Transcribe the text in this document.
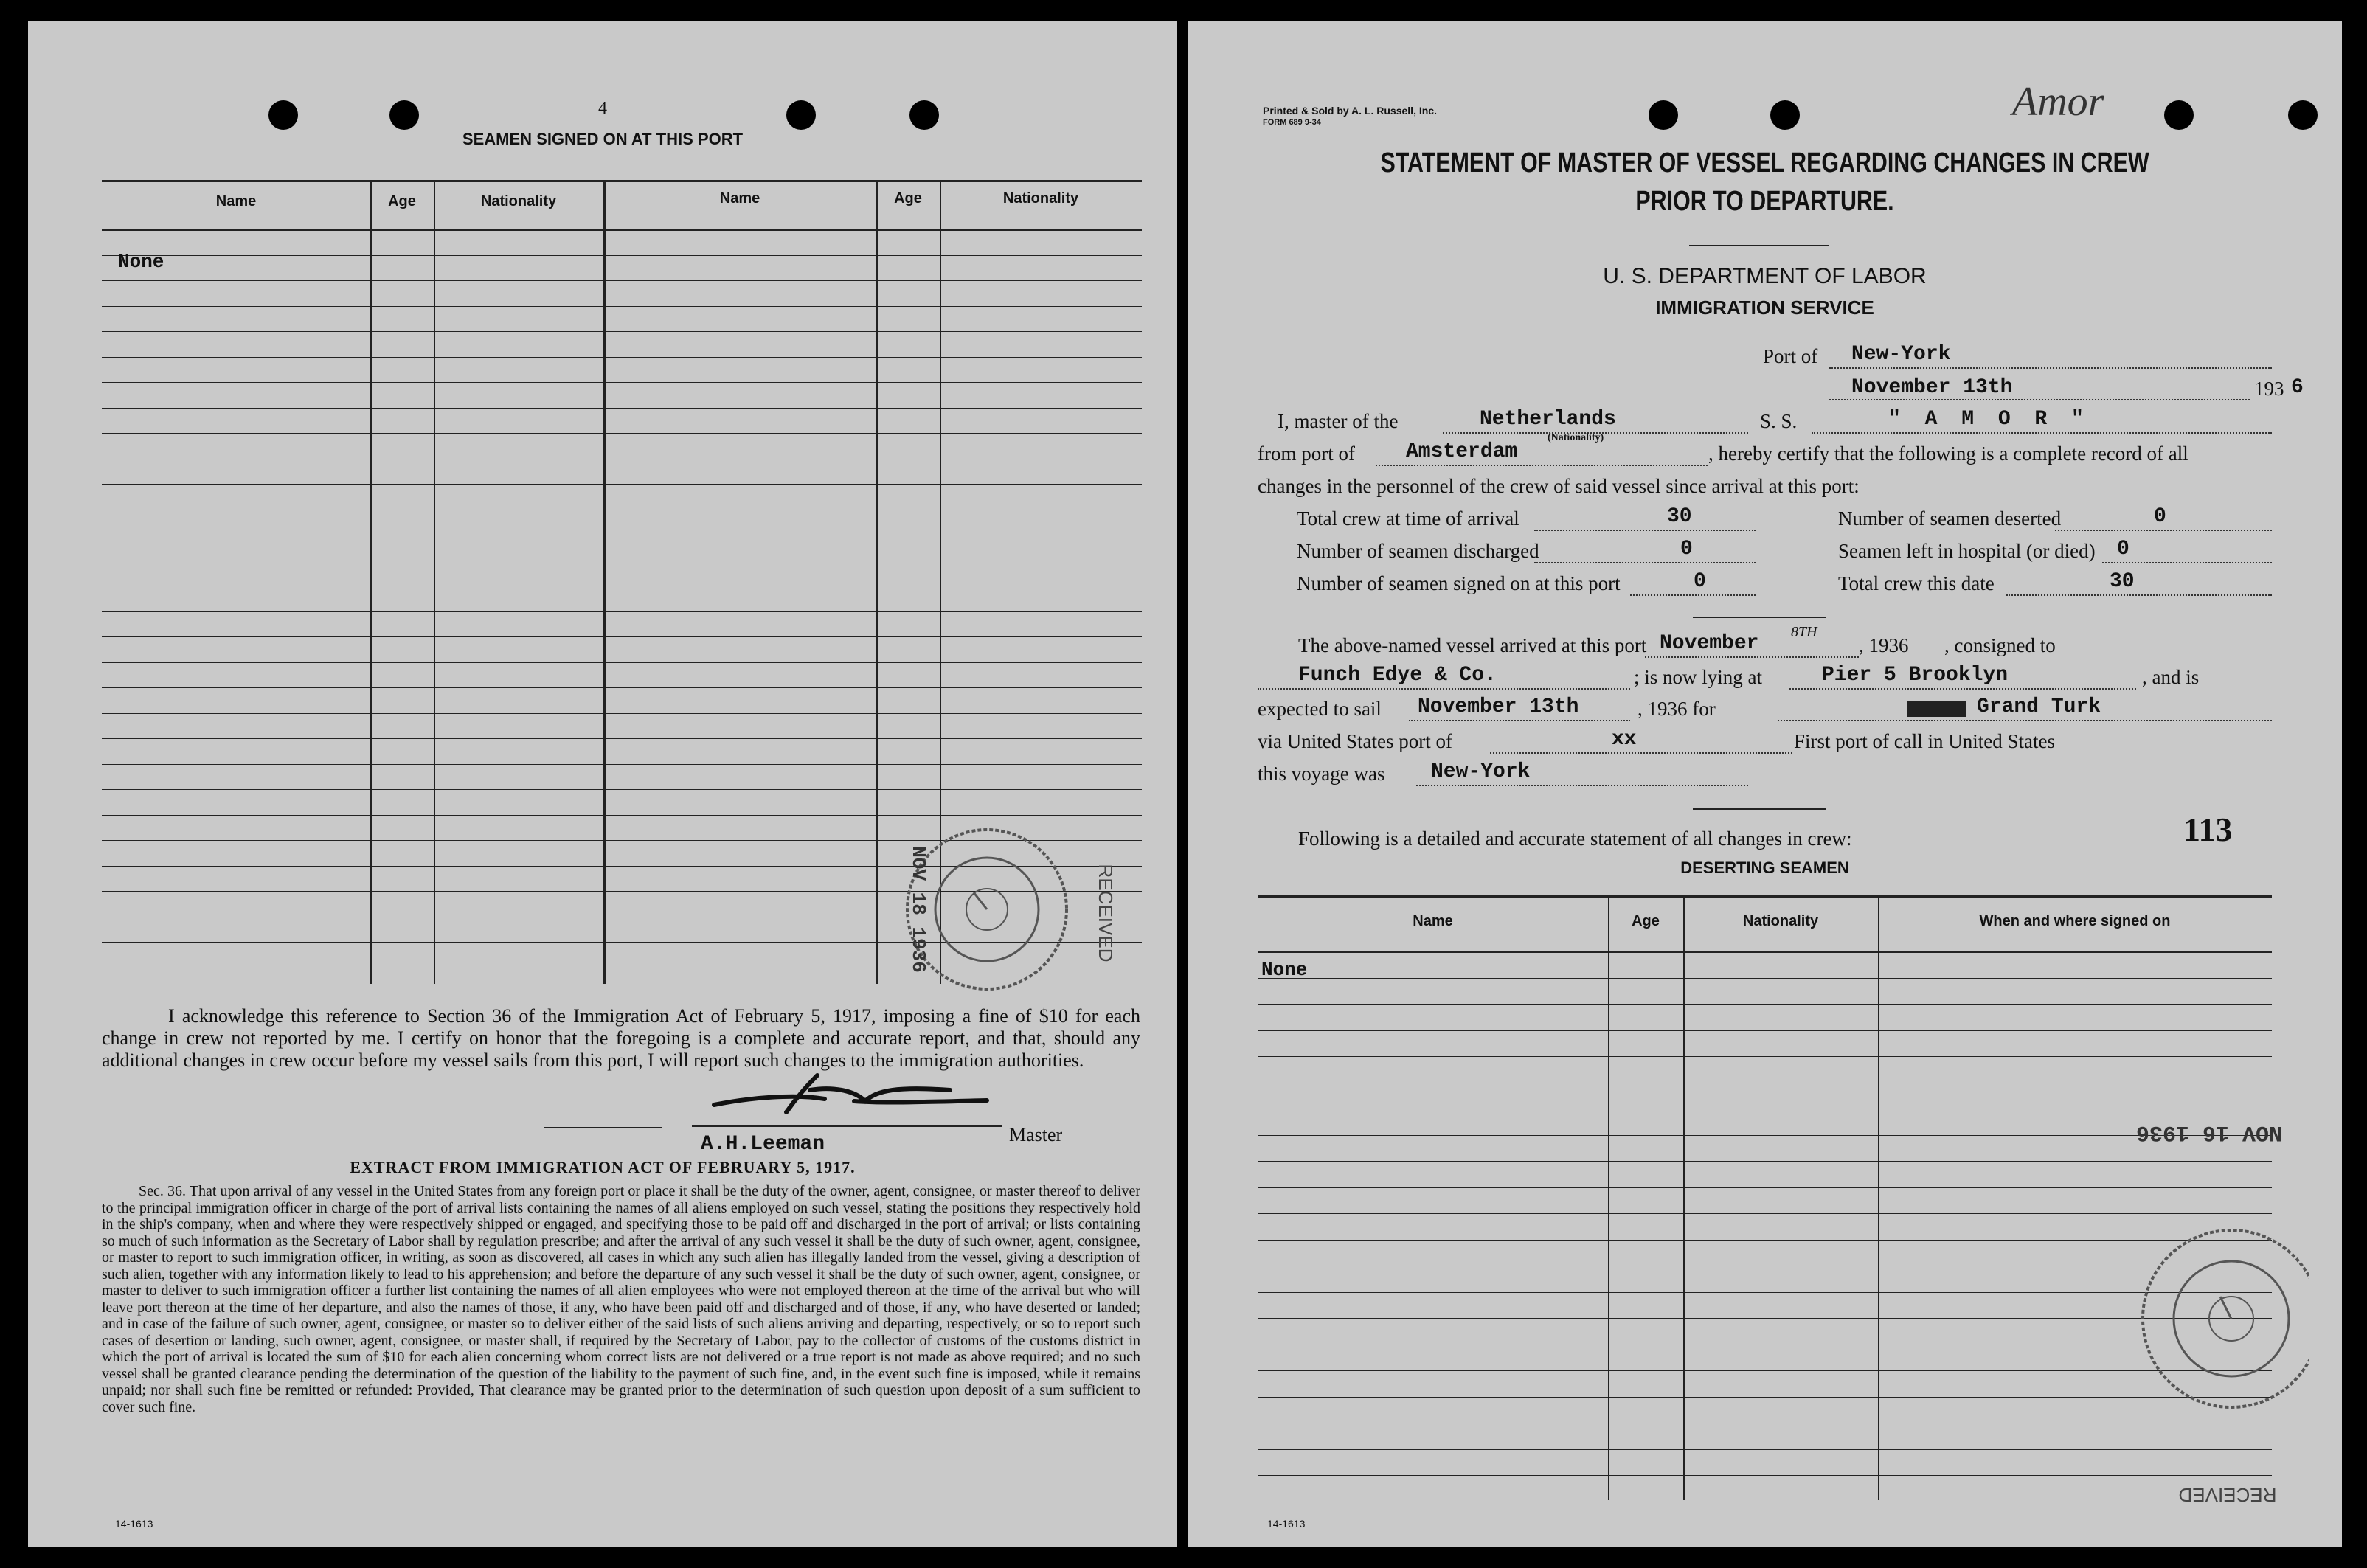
4
SEAMEN SIGNED ON AT THIS PORT
Name	Age	Nationality	Name	Age	Nationality
None
RECEIVED
NOV 18 1936
I acknowledge this reference to Section 36 of the Immigration Act of February 5, 1917, imposing a fine of $10 for each change in crew not reported by me. I certify on honor that the foregoing is a complete and accurate report, and that, should any additional changes in crew occur before my vessel sails from this port, I will report such changes to the immigration authorities.
A.H.Leeman	Master
EXTRACT FROM IMMIGRATION ACT OF FEBRUARY 5, 1917.
Sec. 36. That upon arrival of any vessel in the United States from any foreign port or place it shall be the duty of the owner, agent, consignee, or master thereof to deliver to the principal immigration officer in charge of the port of arrival lists containing the names of all aliens employed on such vessel, stating the positions they respectively hold in the ship's company, when and where they were respectively shipped or engaged, and specifying those to be paid off and discharged in the port of arrival; or lists containing so much of such information as the Secretary of Labor shall by regulation prescribe; and after the arrival of any such vessel it shall be the duty of such owner, agent, consignee, or master to report to such immigration officer, in writing, as soon as discovered, all cases in which any such alien has illegally landed from the vessel, giving a description of such alien, together with any information likely to lead to his apprehension; and before the departure of any such vessel it shall be the duty of such owner, agent, consignee, or master to deliver to such immigration officer a further list containing the names of all alien employees who were not employed thereon at the time of the arrival but who will leave port thereon at the time of her departure, and also the names of those, if any, who have been paid off and discharged and of those, if any, who have deserted or landed; and in case of the failure of such owner, agent, consignee, or master so to deliver either of the said lists of such aliens arriving and departing, respectively, or so to report such cases of desertion or landing, such owner, agent, consignee, or master shall, if required by the Secretary of Labor, pay to the collector of customs of the customs district in which the port of arrival is located the sum of $10 for each alien concerning whom correct lists are not delivered or a true report is not made as above required; and no such vessel shall be granted clearance pending the determination of the question of the liability to the payment of such fine, and, in the event such fine is imposed, while it remains unpaid; nor shall such fine be remitted or refunded: Provided, That clearance may be granted prior to the determination of such question upon deposit of a sum sufficient to cover such fine.
14-1613
Printed & Sold by A. L. Russell, Inc.
FORM 689 9-34	Amor
STATEMENT OF MASTER OF VESSEL REGARDING CHANGES IN CREW
PRIOR TO DEPARTURE.
U. S. DEPARTMENT OF LABOR
IMMIGRATION SERVICE
Port of New-York
November 13th	193 6
I, master of the	Netherlands
(Nationality)
S. S.	" A M O R "
from port of Amsterdam	, hereby certify that the following is a complete record of all
changes in the personnel of the crew of said vessel since arrival at this port:
Total crew at time of arrival	30	Number of seamen deserted	0
Number of seamen discharged	0	Seamen left in hospital (or died) 0
Number of seamen signed on at this port	0	Total crew this date	30
The above-named vessel arrived at this port November 8TH
, 1936 , consigned to
Funch Edye & Co.	; is now lying at	Pier 5 Brooklyn	, and is
expected to sail November 13th	, 1936 for	Grand Turk
via United States port of	xx	First port of call in United States
this voyage was New-York
Following is a detailed and accurate statement of all changes in crew:	113
DESERTING SEAMEN
Name	Age	Nationality	When and where signed on
None
NOV 16 1936
RECEIVED
14-1613
